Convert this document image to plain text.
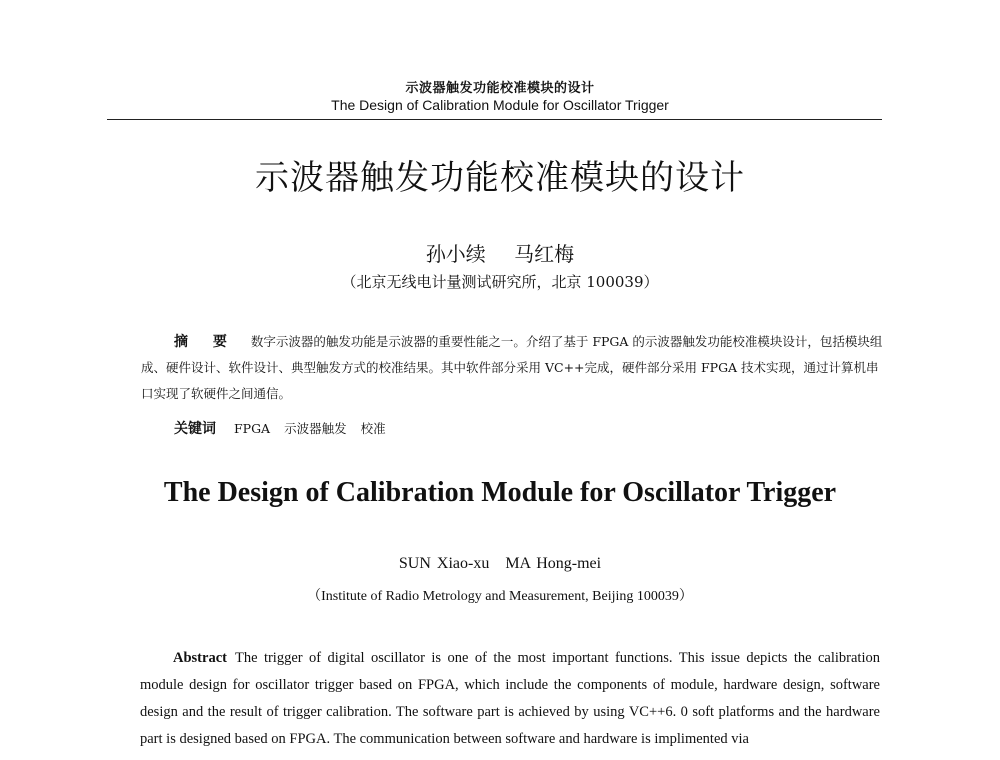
示波器触发功能校准模块的设计
The Design of Calibration Module for Oscillator Trigger
示波器触发功能校准模块的设计
孙小续 马红梅
（北京无线电计量测试研究所，北京 100039）
摘 要 数字示波器的触发功能是示波器的重要性能之一。介绍了基于 FPGA 的示波器触发功能校准模块设计，包括模块组成、硬件设计、软件设计、典型触发方式的校准结果。其中软件部分采用 VC++完成，硬件部分采用 FPGA 技术实现，通过计算机串口实现了软硬件之间通信。
关键词 FPGA 示波器触发 校准
The Design of Calibration Module for Oscillator Trigger
SUN Xiao-xu MA Hong-mei
（Institute of Radio Metrology and Measurement, Beijing 100039）
Abstract The trigger of digital oscillator is one of the most important functions. This issue depicts the calibration module design for oscillator trigger based on FPGA, which include the components of module, hardware design, software design and the result of trigger calibration. The software part is achieved by using VC++6. 0 soft platforms and the hardware part is designed based on FPGA. The communication between software and hardware is implimented via
